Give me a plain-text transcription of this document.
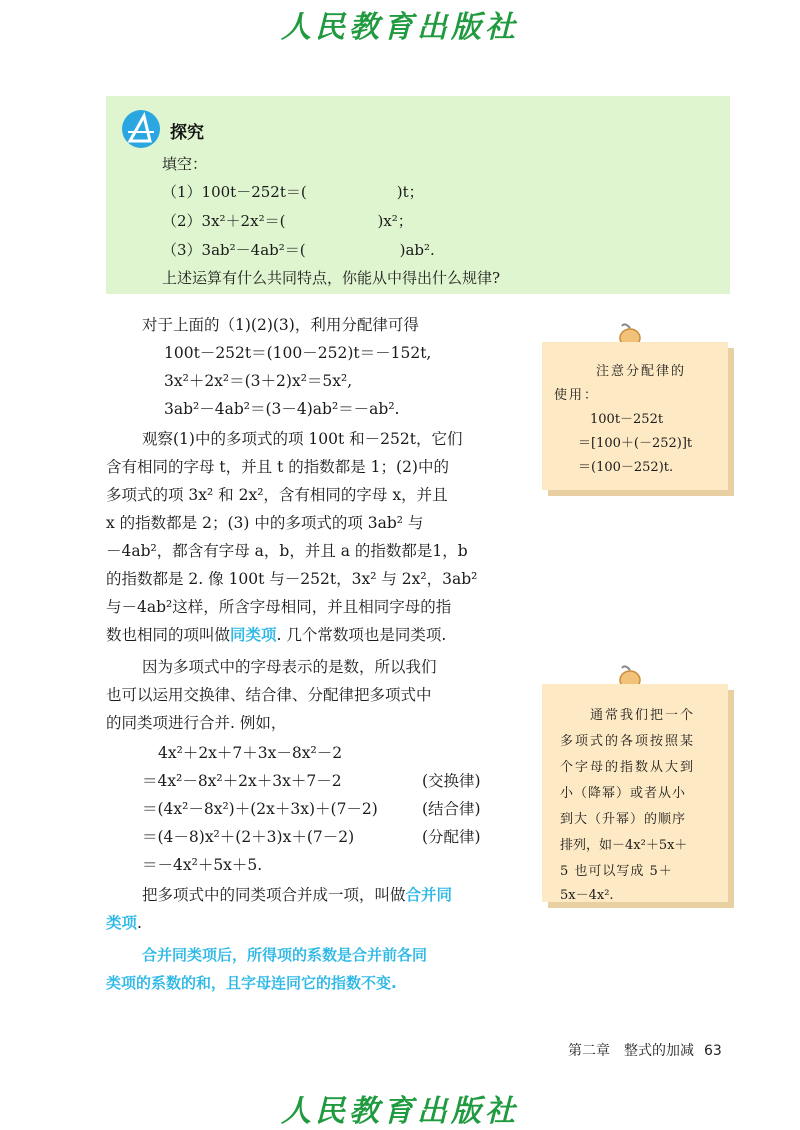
人民教育出版社
探究
填空：
（1）100t－252t＝(	)t；
（2）3x²＋2x²＝(	)x²；
（3）3ab²－4ab²＝(	)ab².
上述运算有什么共同特点，你能从中得出什么规律?
对于上面的（1)(2)(3)，利用分配律可得
100t－252t＝(100－252)t＝－152t,
3x²＋2x²＝(3＋2)x²＝5x²,
3ab²－4ab²＝(3－4)ab²＝－ab².
观察(1)中的多项式的项 100t 和－252t，它们
含有相同的字母 t，并且 t 的指数都是 1；(2)中的
多项式的项 3x² 和 2x²，含有相同的字母 x，并且
x 的指数都是 2；(3) 中的多项式的项 3ab² 与
－4ab²，都含有字母 a，b，并且 a 的指数都是1，b
的指数都是 2. 像 100t 与－252t，3x² 与 2x²，3ab²
与－4ab²这样，所含字母相同，并且相同字母的指
数也相同的项叫做同类项. 几个常数项也是同类项.
因为多项式中的字母表示的是数，所以我们
也可以运用交换律、结合律、分配律把多项式中
的同类项进行合并. 例如，
4x²＋2x＋7＋3x－8x²－2
＝4x²－8x²＋2x＋3x＋7－2	(交换律)
＝(4x²－8x²)＋(2x＋3x)＋(7－2)	(结合律)
＝(4－8)x²＋(2＋3)x＋(7－2)	(分配律)
＝－4x²＋5x＋5.
把多项式中的同类项合并成一项，叫做合并同
类项.
合并同类项后，所得项的系数是合并前各同
类项的系数的和，且字母连同它的指数不变.
注意分配律的
使用：
100t－252t
＝[100＋(－252)]t
＝(100－252)t.
通常我们把一个
多项式的各项按照某
个字母的指数从大到
小（降幂）或者从小
到大（升幂）的顺序
排列，如－4x²＋5x＋
5 也可以写成 5＋
5x－4x².
第二章　整式的加减 63
人民教育出版社
